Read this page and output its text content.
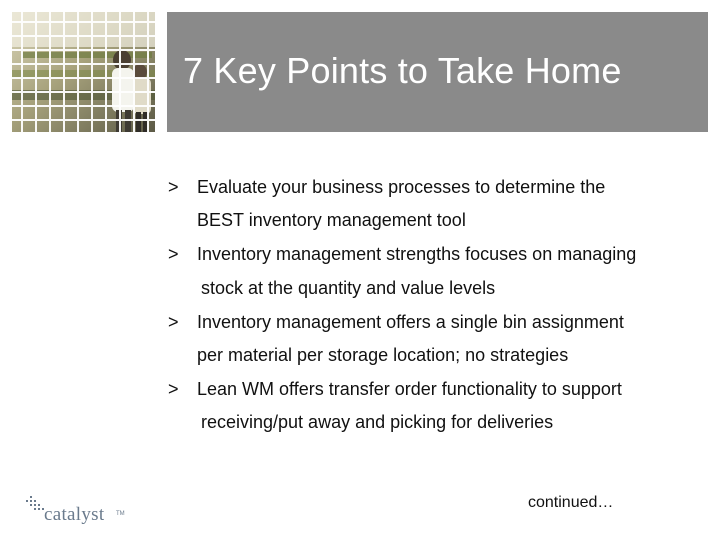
7 Key Points to Take Home
> Evaluate your business processes to determine the
BEST inventory management tool
> Inventory management strengths focuses on managing
stock at the quantity and value levels
> Inventory management offers a single bin assignment
per material per storage location; no strategies
> Lean WM offers transfer order functionality to support
receiving/put away and picking for deliveries
catalyst TM
continued…
